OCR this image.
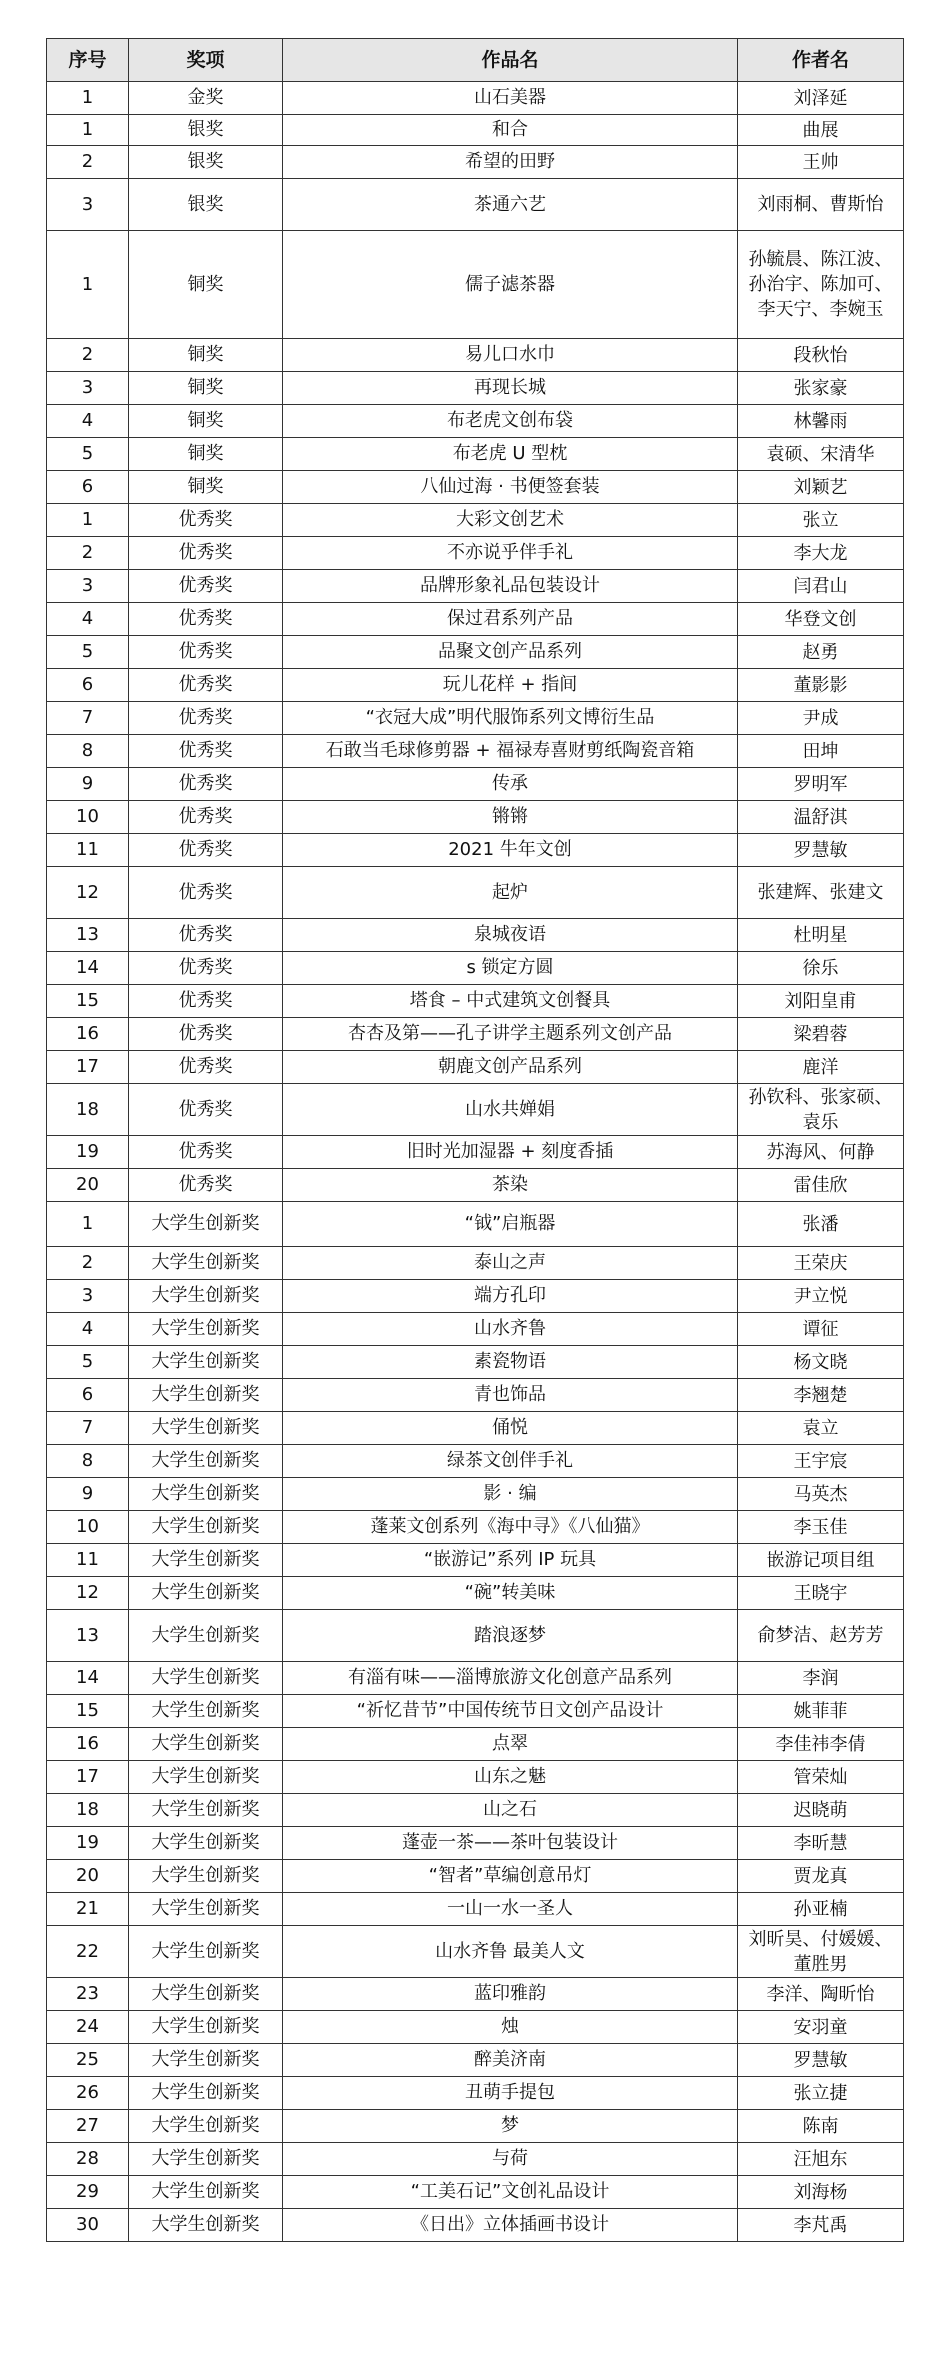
序号	奖项	作品名	作者名
1	金奖	山石美器	刘泽延
1	银奖	和合	曲展
2	银奖	希望的田野	王帅
3	银奖	茶通六艺	刘雨桐、曹斯怡
1	铜奖	儒子滤茶器	孙毓晨、陈江波、孙治宇、陈加可、李天宁、李婉玉
2	铜奖	易儿口水巾	段秋怡
3	铜奖	再现长城	张家豪
4	铜奖	布老虎文创布袋	林馨雨
5	铜奖	布老虎 U 型枕	袁硕、宋清华
6	铜奖	八仙过海 · 书便签套装	刘颖艺
1	优秀奖	大彩文创艺术	张立
2	优秀奖	不亦说乎伴手礼	李大龙
3	优秀奖	品牌形象礼品包装设计	闫君山
4	优秀奖	保过君系列产品	华登文创
5	优秀奖	品聚文创产品系列	赵勇
6	优秀奖	玩儿花样 + 指间	董影影
7	优秀奖	“衣冠大成”明代服饰系列文博衍生品	尹成
8	优秀奖	石敢当毛球修剪器 + 福禄寿喜财剪纸陶瓷音箱	田坤
9	优秀奖	传承	罗明军
10	优秀奖	锵锵	温舒淇
11	优秀奖	2021 牛年文创	罗慧敏
12	优秀奖	起炉	张建辉、张建文
13	优秀奖	泉城夜语	杜明星
14	优秀奖	s 锁定方圆	徐乐
15	优秀奖	塔食 – 中式建筑文创餐具	刘阳皇甫
16	优秀奖	杏杏及第——孔子讲学主题系列文创产品	梁碧蓉
17	优秀奖	朝鹿文创产品系列	鹿洋
18	优秀奖	山水共婵娟	孙钦科、张家硕、袁乐
19	优秀奖	旧时光加湿器 + 刻度香插	苏海风、何静
20	优秀奖	茶染	雷佳欣
1	大学生创新奖	“钺”启瓶器	张潘
2	大学生创新奖	泰山之声	王荣庆
3	大学生创新奖	端方孔印	尹立悦
4	大学生创新奖	山水齐鲁	谭征
5	大学生创新奖	素瓷物语	杨文晓
6	大学生创新奖	青也饰品	李翘楚
7	大学生创新奖	俑悦	袁立
8	大学生创新奖	绿茶文创伴手礼	王宇宸
9	大学生创新奖	影 · 编	马英杰
10	大学生创新奖	蓬莱文创系列《海中寻》《八仙猫》	李玉佳
11	大学生创新奖	“嵌游记”系列 IP 玩具	嵌游记项目组
12	大学生创新奖	“碗”转美味	王晓宇
13	大学生创新奖	踏浪逐梦	俞梦洁、赵芳芳
14	大学生创新奖	有淄有味——淄博旅游文化创意产品系列	李润
15	大学生创新奖	“祈忆昔节”中国传统节日文创产品设计	姚菲菲
16	大学生创新奖	点翠	李佳祎李倩
17	大学生创新奖	山东之魅	管荣灿
18	大学生创新奖	山之石	迟晓萌
19	大学生创新奖	蓬壶一茶——茶叶包装设计	李昕慧
20	大学生创新奖	“智者”草编创意吊灯	贾龙真
21	大学生创新奖	一山一水一圣人	孙亚楠
22	大学生创新奖	山水齐鲁 最美人文	刘昕昊、付媛媛、董胜男
23	大学生创新奖	蓝印雅韵	李洋、陶昕怡
24	大学生创新奖	烛	安羽童
25	大学生创新奖	醉美济南	罗慧敏
26	大学生创新奖	丑萌手提包	张立捷
27	大学生创新奖	梦	陈南
28	大学生创新奖	与荷	汪旭东
29	大学生创新奖	“工美石记”文创礼品设计	刘海杨
30	大学生创新奖	《日出》立体插画书设计	李芃禹
